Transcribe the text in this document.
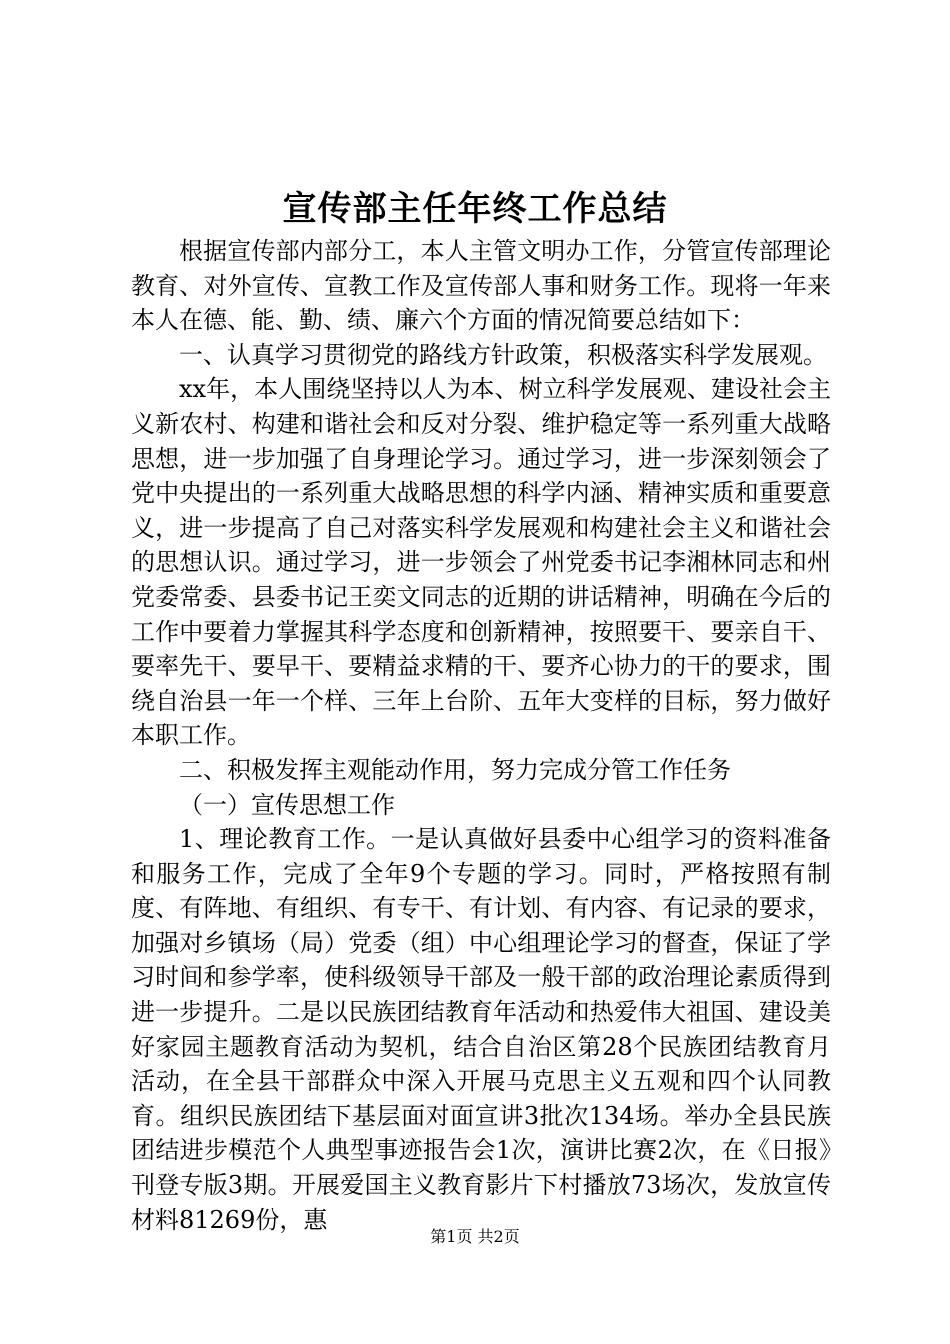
宣传部主任年终工作总结

根据宣传部内部分工，本人主管文明办工作，分管宣传部理论教育、对外宣传、宣教工作及宣传部人事和财务工作。现将一年来本人在德、能、勤、绩、廉六个方面的情况简要总结如下：

一、认真学习贯彻党的路线方针政策，积极落实科学发展观。

xx年，本人围绕坚持以人为本、树立科学发展观、建设社会主义新农村、构建和谐社会和反对分裂、维护稳定等一系列重大战略思想，进一步加强了自身理论学习。通过学习，进一步深刻领会了党中央提出的一系列重大战略思想的科学内涵、精神实质和重要意义，进一步提高了自己对落实科学发展观和构建社会主义和谐社会的思想认识。通过学习，进一步领会了州党委书记李湘林同志和州党委常委、县委书记王奕文同志的近期的讲话精神，明确在今后的工作中要着力掌握其科学态度和创新精神，按照要干、要亲自干、要率先干、要早干、要精益求精的干、要齐心协力的干的要求，围绕自治县一年一个样、三年上台阶、五年大变样的目标，努力做好本职工作。

二、积极发挥主观能动作用，努力完成分管工作任务

（一）宣传思想工作

1、理论教育工作。一是认真做好县委中心组学习的资料准备和服务工作，完成了全年9个专题的学习。同时，严格按照有制度、有阵地、有组织、有专干、有计划、有内容、有记录的要求，加强对乡镇场（局）党委（组）中心组理论学习的督查，保证了学习时间和参学率，使科级领导干部及一般干部的政治理论素质得到进一步提升。二是以民族团结教育年活动和热爱伟大祖国、建设美好家园主题教育活动为契机，结合自治区第28个民族团结教育月活动，在全县干部群众中深入开展马克思主义五观和四个认同教育。组织民族团结下基层面对面宣讲3批次134场。举办全县民族团结进步模范个人典型事迹报告会1次，演讲比赛2次，在《日报》刊登专版3期。开展爱国主义教育影片下村播放73场次，发放宣传材料81269份，惠

第1页 共2页
